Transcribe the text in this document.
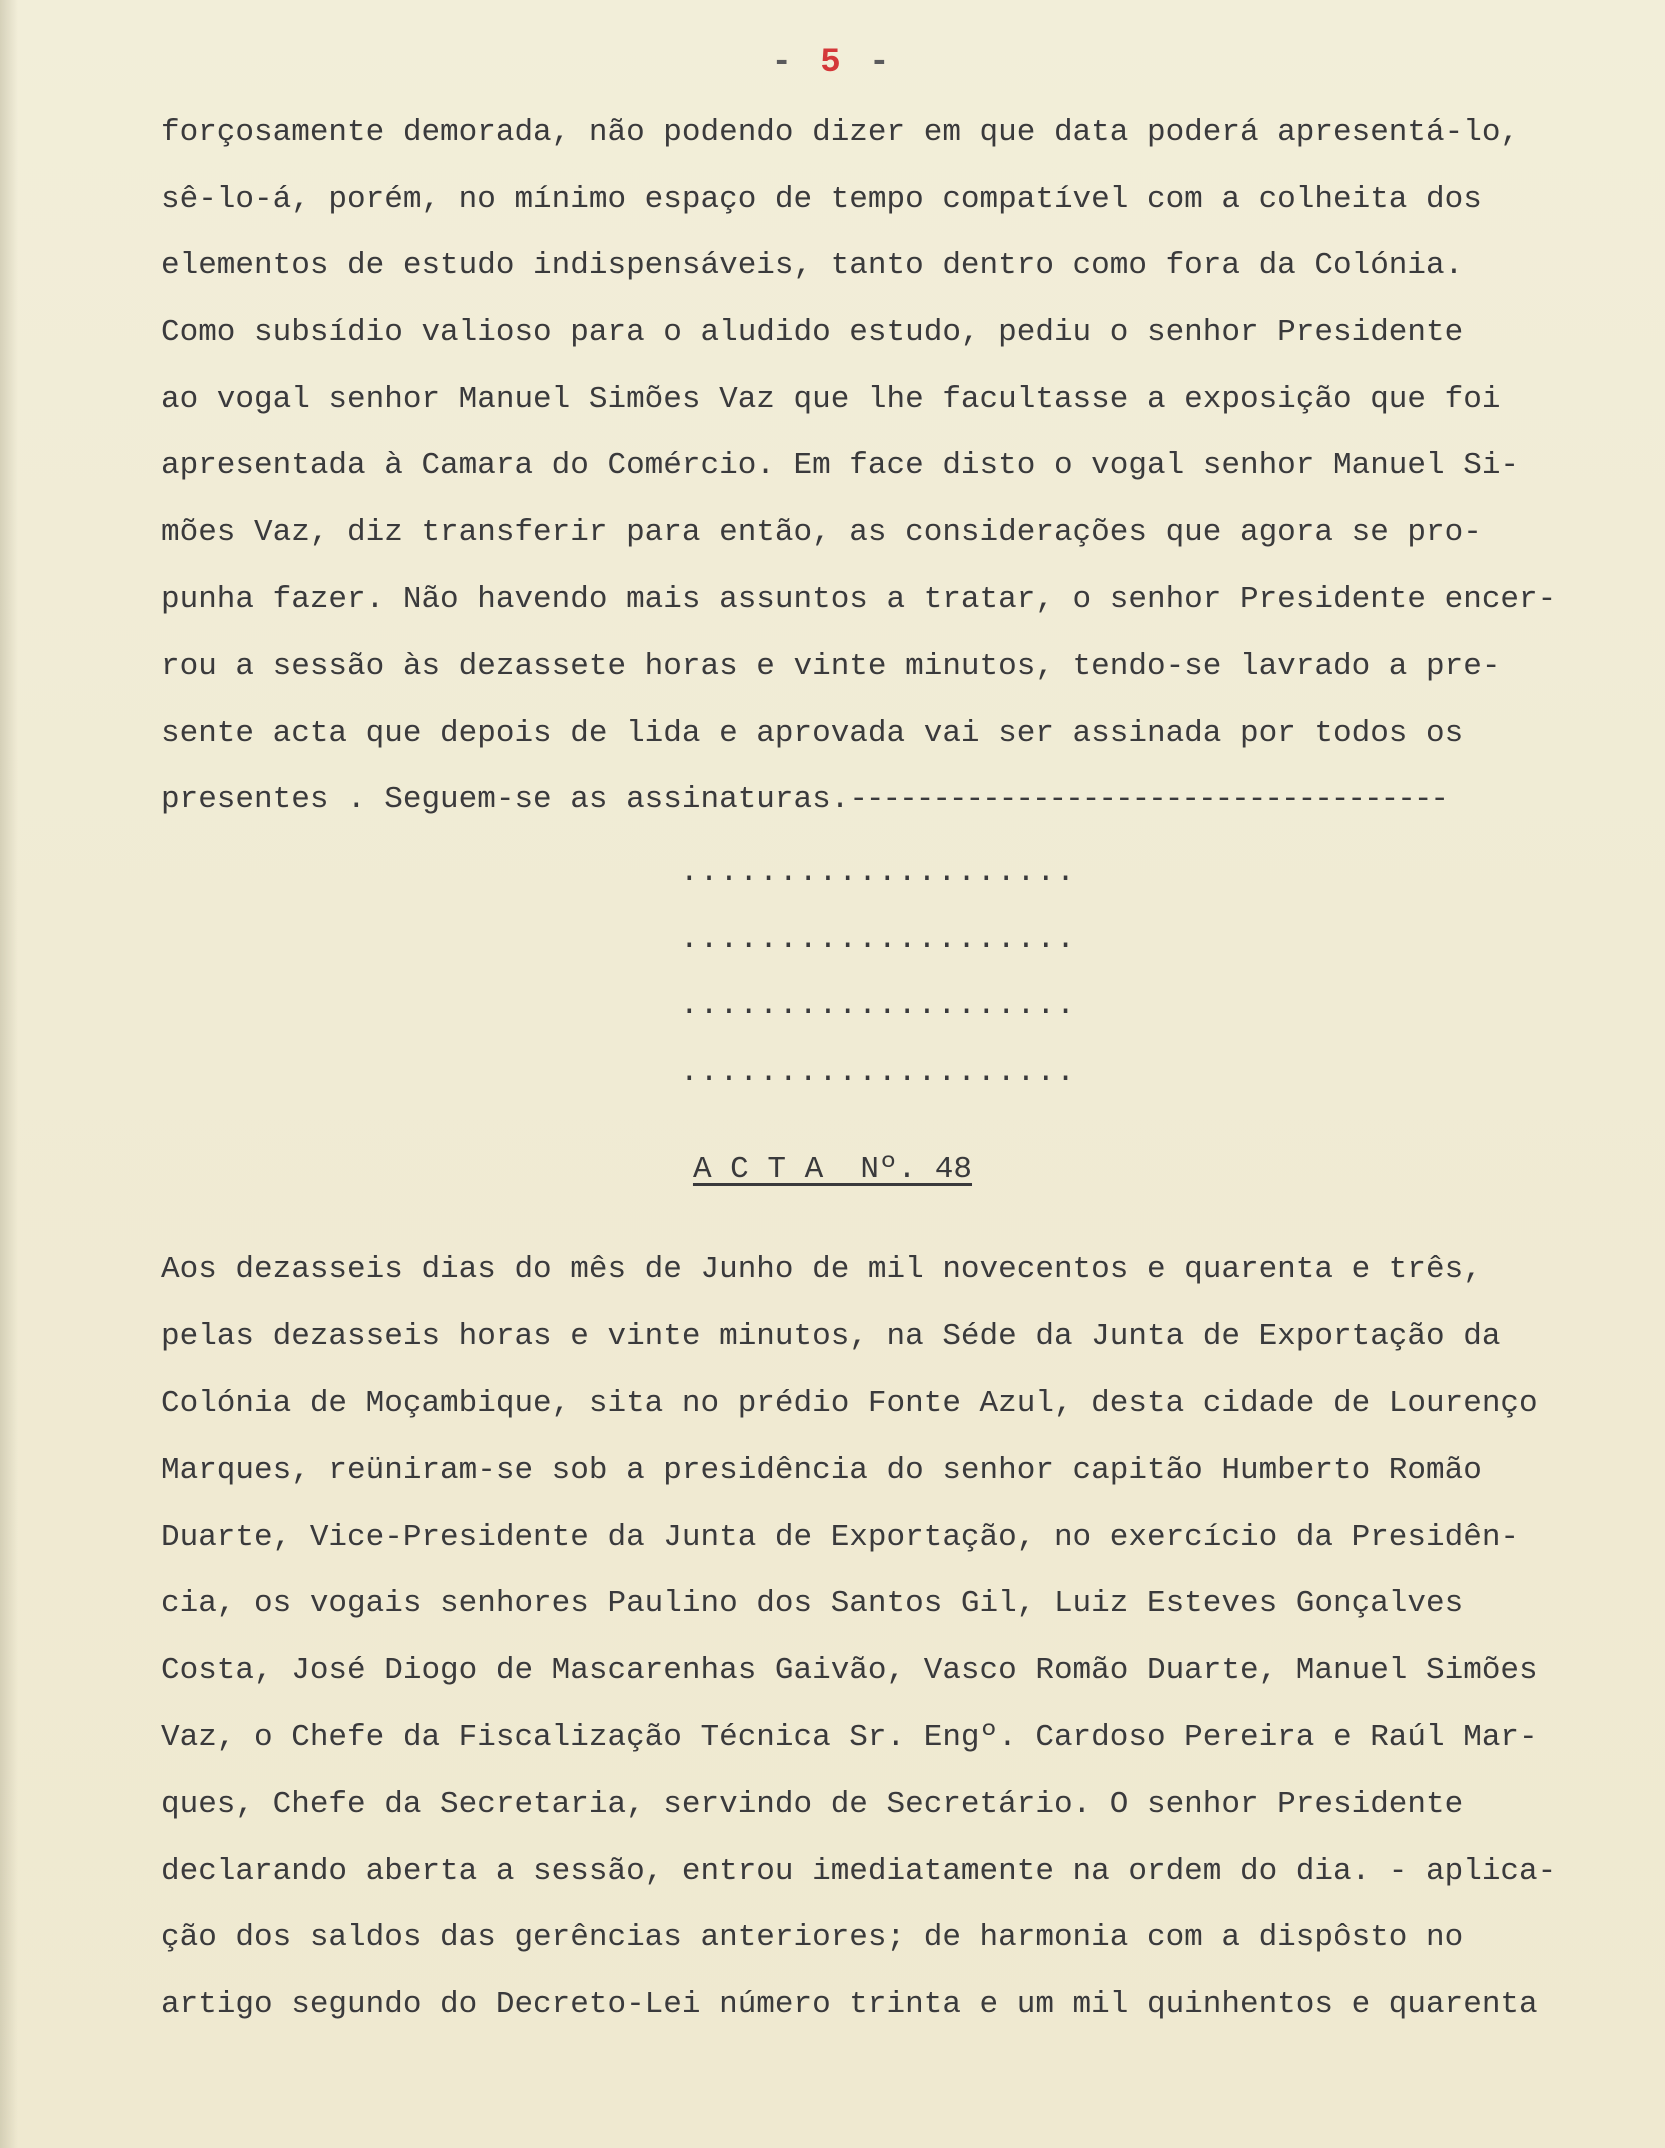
- 5 -
forçosamente demorada, não podendo dizer em que data poderá apresentá-lo,
sê-lo-á, porém, no mínimo espaço de tempo compatível com a colheita dos
elementos de estudo indispensáveis, tanto dentro como fora da Colónia.
Como subsídio valioso para o aludido estudo, pediu o senhor Presidente
ao vogal senhor Manuel Simões Vaz que lhe facultasse a exposição que foi
apresentada à Camara do Comércio. Em face disto o vogal senhor Manuel Si-
mões Vaz, diz transferir para então, as considerações que agora se pro-
punha fazer. Não havendo mais assuntos a tratar, o senhor Presidente encer-
rou a sessão às dezassete horas e vinte minutos, tendo-se lavrado a pre-
sente acta que depois de lida e aprovada vai ser assinada por todos os
presentes . Seguem-se as assinaturas.------------------------------------
....................
....................
....................
....................
A C T A  Nº. 48
Aos dezasseis dias do mês de Junho de mil novecentos e quarenta e três,
pelas dezasseis horas e vinte minutos, na Séde da Junta de Exportação da
Colónia de Moçambique, sita no prédio Fonte Azul, desta cidade de Lourenço
Marques, reüniram-se sob a presidência do senhor capitão Humberto Romão
Duarte, Vice-Presidente da Junta de Exportação, no exercício da Presidên-
cia, os vogais senhores Paulino dos Santos Gil, Luiz Esteves Gonçalves
Costa, José Diogo de Mascarenhas Gaivão, Vasco Romão Duarte, Manuel Simões
Vaz, o Chefe da Fiscalização Técnica Sr. Engº. Cardoso Pereira e Raúl Mar-
ques, Chefe da Secretaria, servindo de Secretário. O senhor Presidente
declarando aberta a sessão, entrou imediatamente na ordem do dia. - aplica-
ção dos saldos das gerências anteriores; de harmonia com a dispôsto no
artigo segundo do Decreto-Lei número trinta e um mil quinhentos e quarenta
